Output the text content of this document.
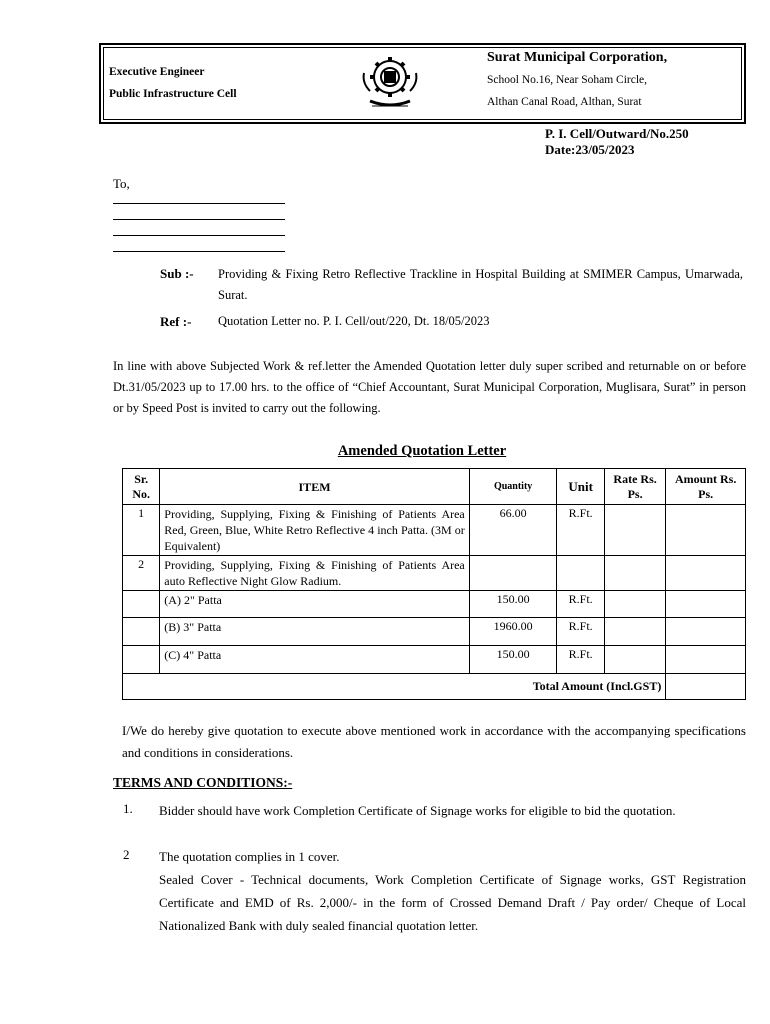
Executive Engineer
Public Infrastructure Cell
Surat Municipal Corporation,
School No.16, Near Soham Circle,
Althan Canal Road, Althan, Surat
P. I. Cell/Outward/No.250
Date:23/05/2023
To,
Sub :- Providing & Fixing Retro Reflective Trackline in Hospital Building at SMIMER Campus, Umarwada, Surat.
Ref :- Quotation Letter no. P. I. Cell/out/220, Dt. 18/05/2023
In line with above Subjected Work & ref.letter the Amended Quotation letter duly super scribed and returnable on or before Dt.31/05/2023 up to 17.00 hrs. to the office of “Chief Accountant, Surat Municipal Corporation, Muglisara, Surat” in person or by Speed Post is invited to carry out the following.
Amended Quotation Letter
Sr. No.	ITEM	Quantity	Unit	Rate Rs. Ps.	Amount Rs. Ps.
1	Providing, Supplying, Fixing & Finishing of Patients Area Red, Green, Blue, White Retro Reflective 4 inch Patta. (3M or Equivalent)	66.00	R.Ft.		
2	Providing, Supplying, Fixing & Finishing of Patients Area auto Reflective Night Glow Radium.				
	(A) 2" Patta	150.00	R.Ft.		
	(B) 3" Patta	1960.00	R.Ft.		
	(C) 4" Patta	150.00	R.Ft.		
Total Amount (Incl.GST)					
I/We do hereby give quotation to execute above mentioned work in accordance with the accompanying specifications and conditions in considerations.
TERMS AND CONDITIONS:-
1. Bidder should have work Completion Certificate of Signage works for eligible to bid the quotation.
2 The quotation complies in 1 cover.
Sealed Cover - Technical documents, Work Completion Certificate of Signage works, GST Registration Certificate and EMD of Rs. 2,000/- in the form of Crossed Demand Draft / Pay order/ Cheque of Local Nationalized Bank with duly sealed financial quotation letter.
